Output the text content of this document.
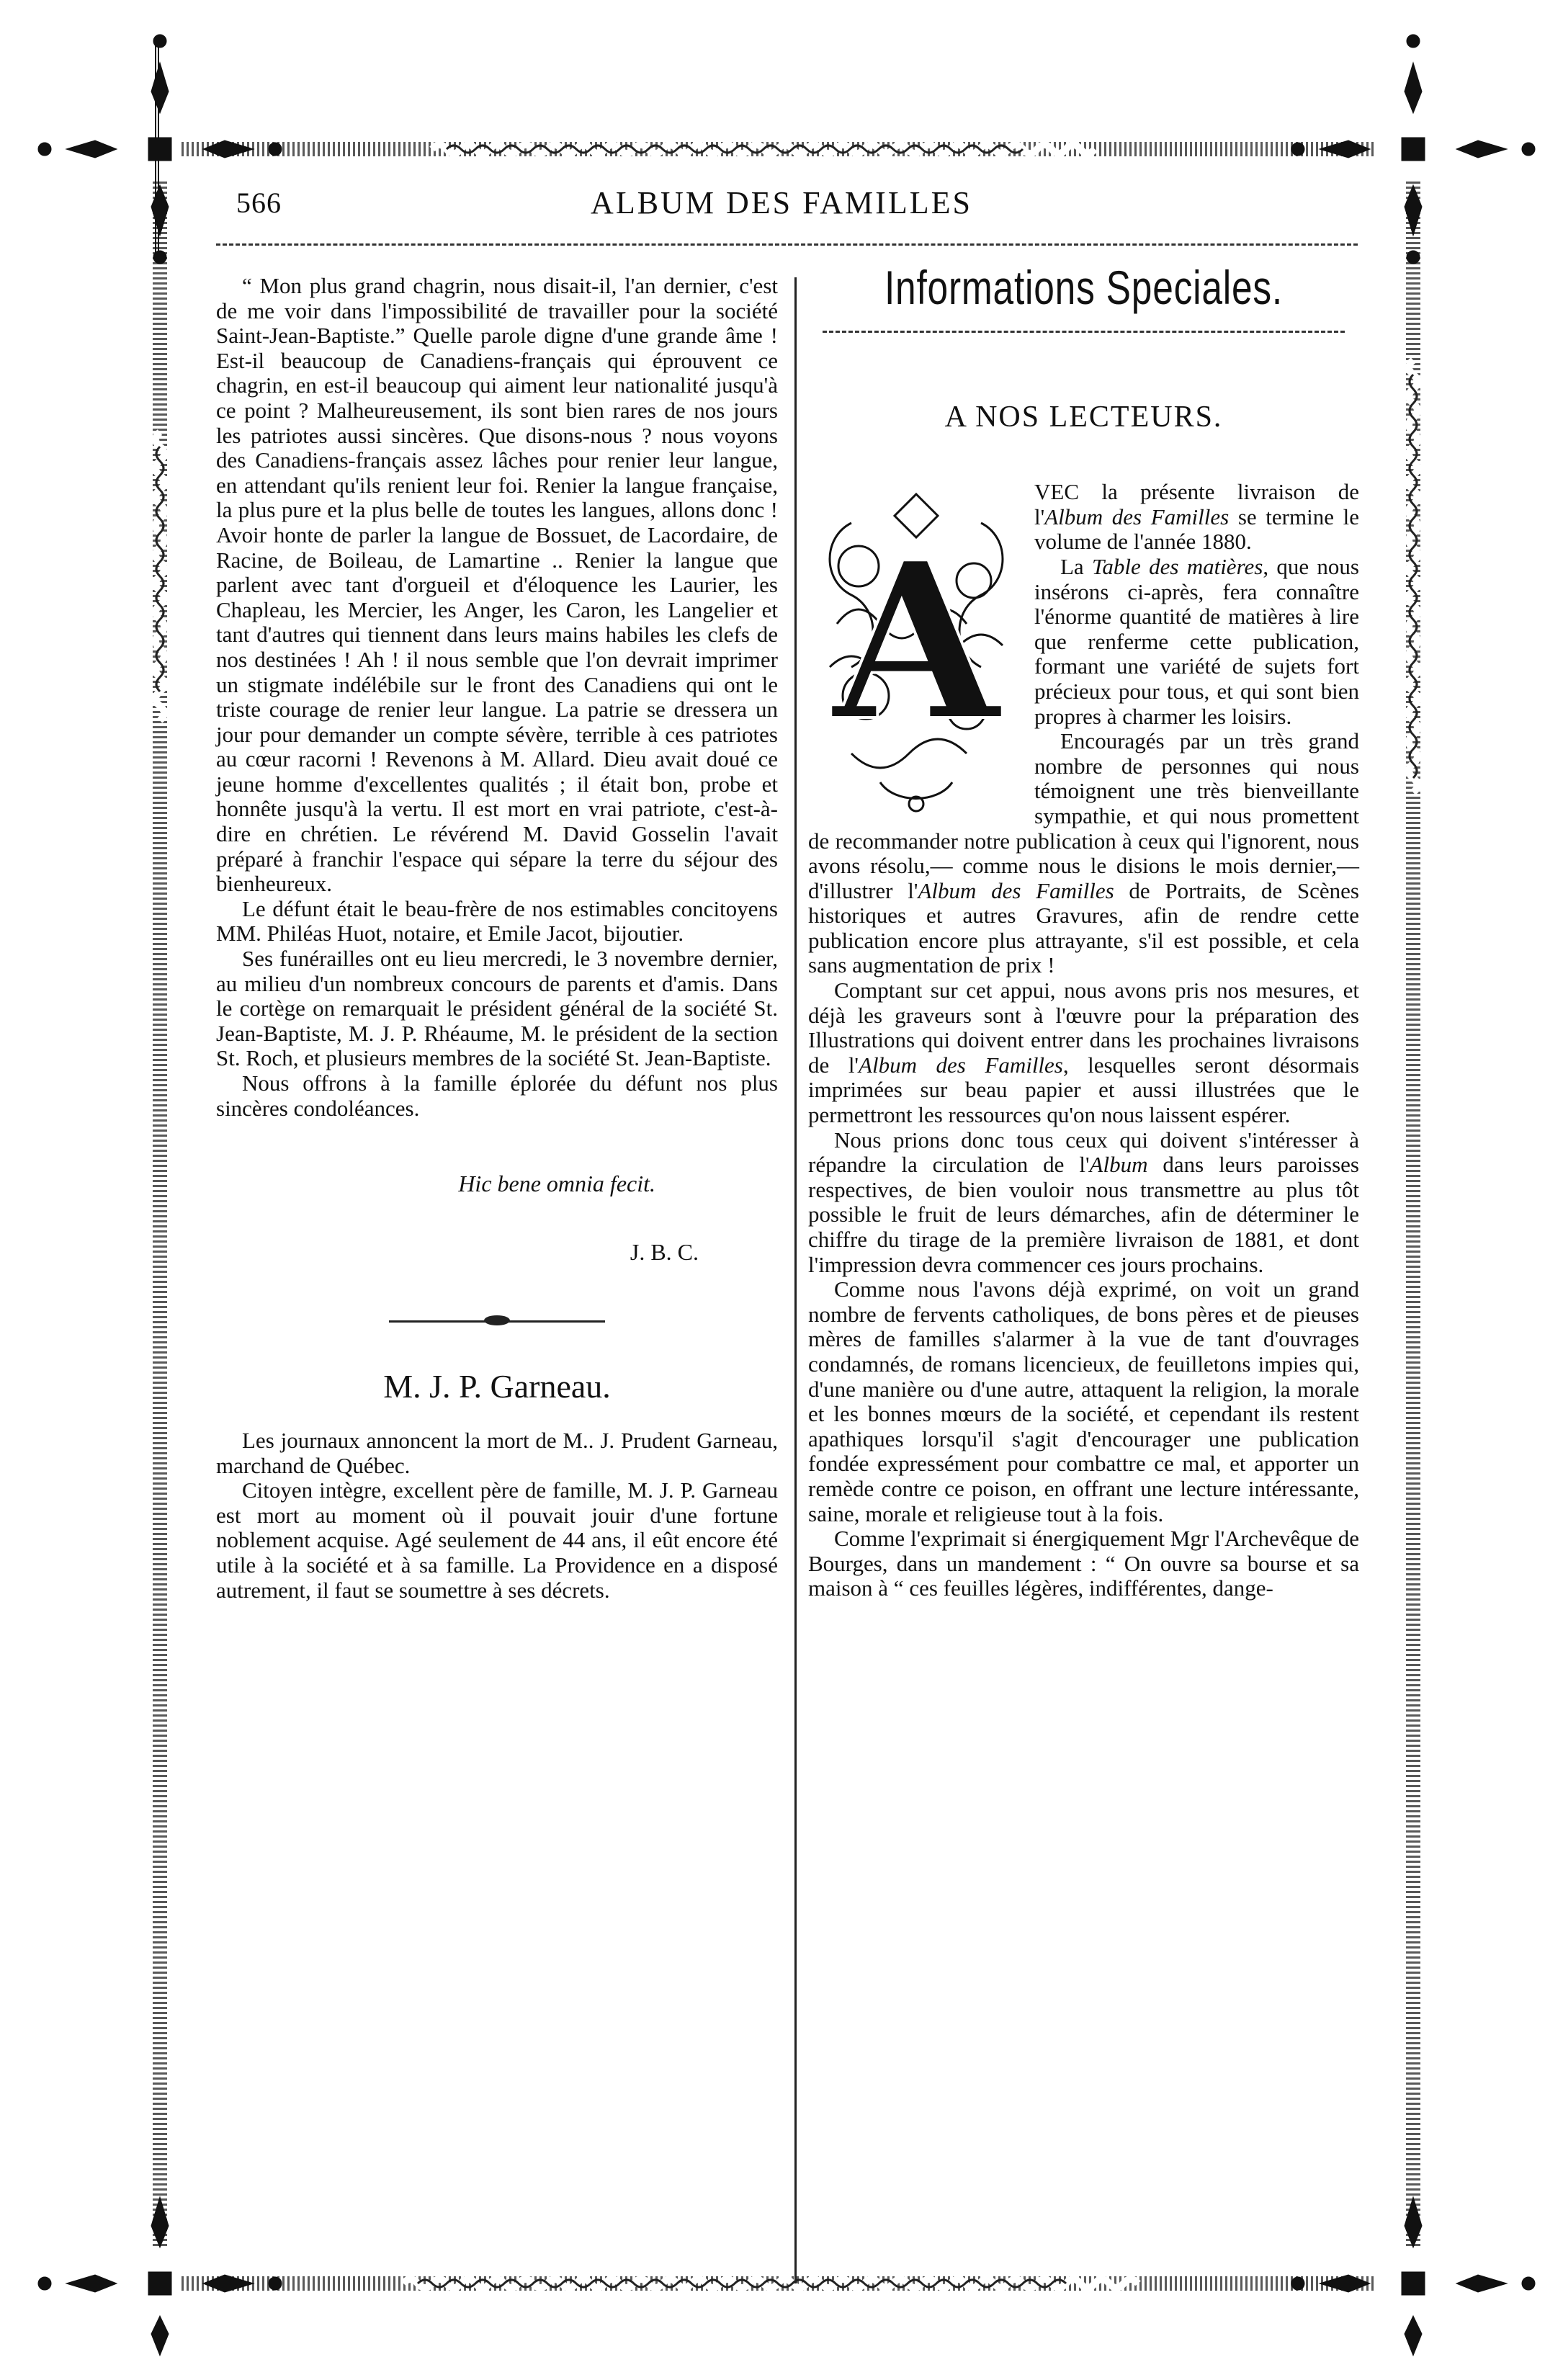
566	ALBUM DES FAMILLES

“ Mon plus grand chagrin, nous disait-il, l'an dernier, c'est de me voir dans l'impossibilité de travailler pour la société Saint-Jean-Baptiste.” Quelle parole digne d'une grande âme ! Est-il beaucoup de Canadiens-français qui éprouvent ce chagrin, en est-il beaucoup qui aiment leur nationalité jusqu'à ce point ? Malheureusement, ils sont bien rares de nos jours les patriotes aussi sincères. Que disons-nous ? nous voyons des Canadiens-français assez lâches pour renier leur langue, en attendant qu'ils renient leur foi. Renier la langue française, la plus pure et la plus belle de toutes les langues, allons donc ! Avoir honte de parler la langue de Bossuet, de Lacordaire, de Racine, de Boileau, de Lamartine .. Renier la langue que parlent avec tant d'orgueil et d'éloquence les Laurier, les Chapleau, les Mercier, les Anger, les Caron, les Langelier et tant d'autres qui tiennent dans leurs mains habiles les clefs de nos destinées ! Ah ! il nous semble que l'on devrait imprimer un stigmate indélébile sur le front des Canadiens qui ont le triste courage de renier leur langue. La patrie se dressera un jour pour demander un compte sévère, terrible à ces patriotes au cœur racorni ! Revenons à M. Allard. Dieu avait doué ce jeune homme d'excellentes qualités ; il était bon, probe et honnête jusqu'à la vertu. Il est mort en vrai patriote, c'est-à-dire en chrétien. Le révérend M. David Gosselin l'avait préparé à franchir l'espace qui sépare la terre du séjour des bienheureux.

Le défunt était le beau-frère de nos estimables concitoyens MM. Philéas Huot, notaire, et Emile Jacot, bijoutier.

Ses funérailles ont eu lieu mercredi, le 3 novembre dernier, au milieu d'un nombreux concours de parents et d'amis. Dans le cortège on remarquait le président général de la société St. Jean-Baptiste, M. J. P. Rhéaume, M. le président de la section St. Roch, et plusieurs membres de la société St. Jean-Baptiste.

Nous offrons à la famille éplorée du défunt nos plus sincères condoléances.

Hic bene omnia fecit.

J. B. C.

M. J. P. Garneau.

Les journaux annoncent la mort de M.. J. Prudent Garneau, marchand de Québec.

Citoyen intègre, excellent père de famille, M. J. P. Garneau est mort au moment où il pouvait jouir d'une fortune noblement acquise. Agé seulement de 44 ans, il eût encore été utile à la société et à sa famille. La Providence en a disposé autrement, il faut se soumettre à ses décrets.

Informations Speciales.
A NOS LECTEURS.
A

VEC la présente livraison de l'Album des Familles se termine le volume de l'année 1880.

La Table des matières, que nous insérons ci-après, fera connaître l'énorme quantité de matières à lire que renferme cette publication, formant une variété de sujets fort précieux pour tous, et qui sont bien propres à charmer les loisirs.

Encouragés par un très grand nombre de personnes qui nous témoignent une très bienveillante sympathie, et qui nous promettent de recommander notre publication à ceux qui l'ignorent, nous avons résolu,— comme nous le disions le mois dernier,—d'illustrer l'Album des Familles de Portraits, de Scènes historiques et autres Gravures, afin de rendre cette publication encore plus attrayante, s'il est possible, et cela sans augmentation de prix !

Comptant sur cet appui, nous avons pris nos mesures, et déjà les graveurs sont à l'œuvre pour la préparation des Illustrations qui doivent entrer dans les prochaines livraisons de l'Album des Familles, lesquelles seront désormais imprimées sur beau papier et aussi illustrées que le permettront les ressources qu'on nous laissent espérer.

Nous prions donc tous ceux qui doivent s'intéresser à répandre la circulation de l'Album dans leurs paroisses respectives, de bien vouloir nous transmettre au plus tôt possible le fruit de leurs démarches, afin de déterminer le chiffre du tirage de la première livraison de 1881, et dont l'impression devra commencer ces jours prochains.

Comme nous l'avons déjà exprimé, on voit un grand nombre de fervents catholiques, de bons pères et de pieuses mères de familles s'alarmer à la vue de tant d'ouvrages condamnés, de romans licencieux, de feuilletons impies qui, d'une manière ou d'une autre, attaquent la religion, la morale et les bonnes mœurs de la société, et cependant ils restent apathiques lorsqu'il s'agit d'encourager une publication fondée expressément pour combattre ce mal, et apporter un remède contre ce poison, en offrant une lecture intéressante, saine, morale et religieuse tout à la fois.

Comme l'exprimait si énergiquement Mgr l'Archevêque de Bourges, dans un mandement : “ On ouvre sa bourse et sa maison à “ ces feuilles légères, indifférentes, dange-
